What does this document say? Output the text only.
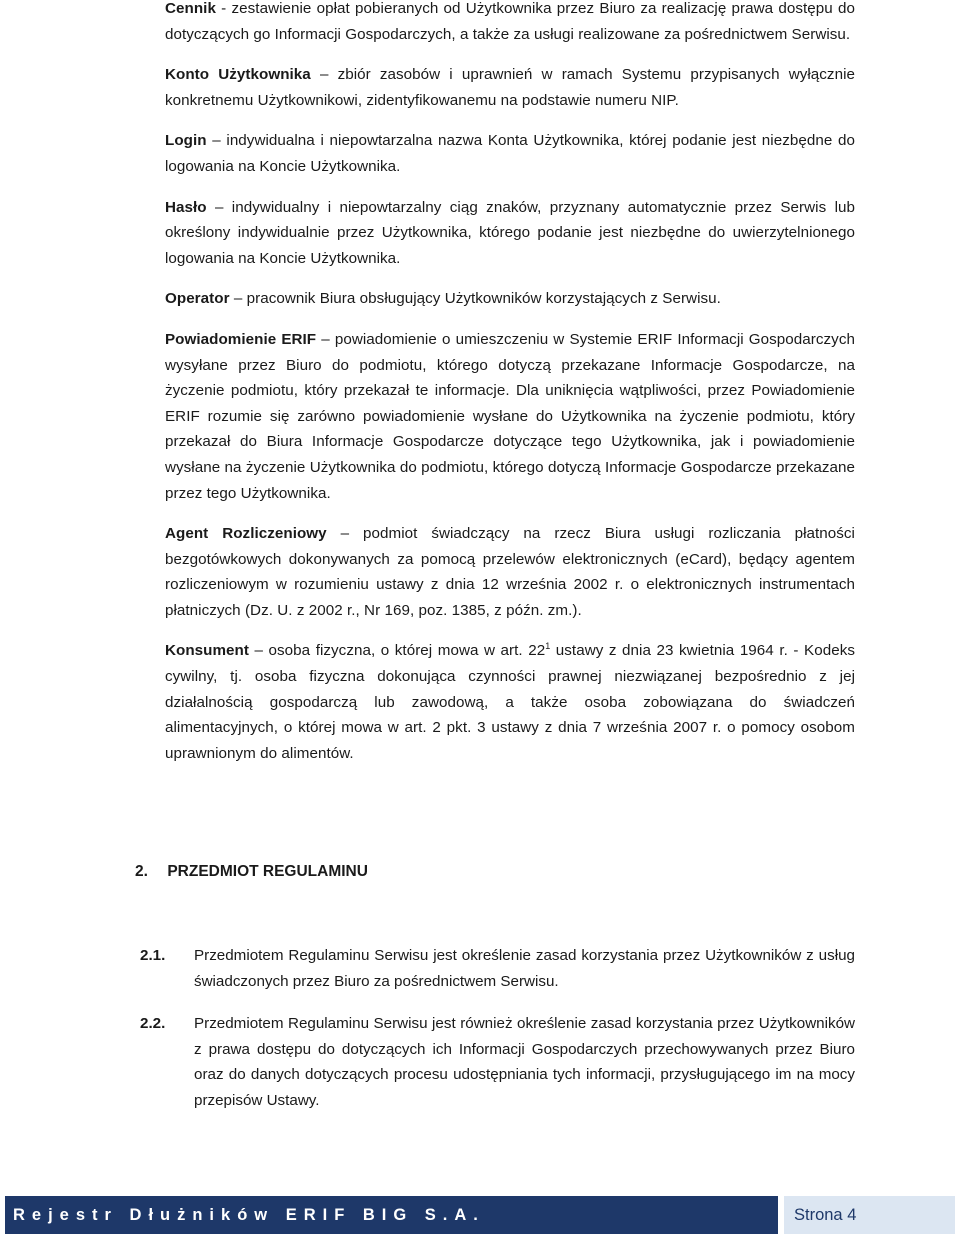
Cennik - zestawienie opłat pobieranych od Użytkownika przez Biuro za realizację prawa dostępu do dotyczących go Informacji Gospodarczych, a także za usługi realizowane za pośrednictwem Serwisu.

Konto Użytkownika – zbiór zasobów i uprawnień w ramach Systemu przypisanych wyłącznie konkretnemu Użytkownikowi, zidentyfikowanemu na podstawie numeru NIP.

Login – indywidualna i niepowtarzalna nazwa Konta Użytkownika, której podanie jest niezbędne do logowania na Koncie Użytkownika.

Hasło – indywidualny i niepowtarzalny ciąg znaków, przyznany automatycznie przez Serwis lub określony indywidualnie przez Użytkownika, którego podanie jest niezbędne do uwierzytelnionego logowania na Koncie Użytkownika.

Operator – pracownik Biura obsługujący Użytkowników korzystających z Serwisu.

Powiadomienie ERIF – powiadomienie o umieszczeniu w Systemie ERIF Informacji Gospodarczych wysyłane przez Biuro do podmiotu, którego dotyczą przekazane Informacje Gospodarcze, na życzenie podmiotu, który przekazał te informacje. Dla uniknięcia wątpliwości, przez Powiadomienie ERIF rozumie się zarówno powiadomienie wysłane do Użytkownika na życzenie podmiotu, który przekazał do Biura Informacje Gospodarcze dotyczące tego Użytkownika, jak i powiadomienie wysłane na życzenie Użytkownika do podmiotu, którego dotyczą Informacje Gospodarcze przekazane przez tego Użytkownika.

Agent Rozliczeniowy – podmiot świadczący na rzecz Biura usługi rozliczania płatności bezgotówkowych dokonywanych za pomocą przelewów elektronicznych (eCard), będący agentem rozliczeniowym w rozumieniu ustawy z dnia 12 września 2002 r. o elektronicznych instrumentach płatniczych (Dz. U. z 2002 r., Nr 169, poz. 1385, z późn. zm.).

Konsument – osoba fizyczna, o której mowa w art. $22^1$ ustawy z dnia 23 kwietnia 1964 r. - Kodeks cywilny, tj. osoba fizyczna dokonująca czynności prawnej niezwiązanej bezpośrednio z jej działalnością gospodarczą lub zawodową, a także osoba zobowiązana do świadczeń alimentacyjnych, o której mowa w art. 2 pkt. 3 ustawy z dnia 7 września 2007 r. o pomocy osobom uprawnionym do alimentów.

2. PRZEDMIOT REGULAMINU
2.1.	Przedmiotem Regulaminu Serwisu jest określenie zasad korzystania przez Użytkowników z usług świadczonych przez Biuro za pośrednictwem Serwisu.
2.2.	Przedmiotem Regulaminu Serwisu jest również określenie zasad korzystania przez Użytkowników z prawa dostępu do dotyczących ich Informacji Gospodarczych przechowywanych przez Biuro oraz do danych dotyczących procesu udostępniania tych informacji, przysługującego im na mocy przepisów Ustawy.
Rejestr Dłużników ERIF BIG S.A.	Strona 4
